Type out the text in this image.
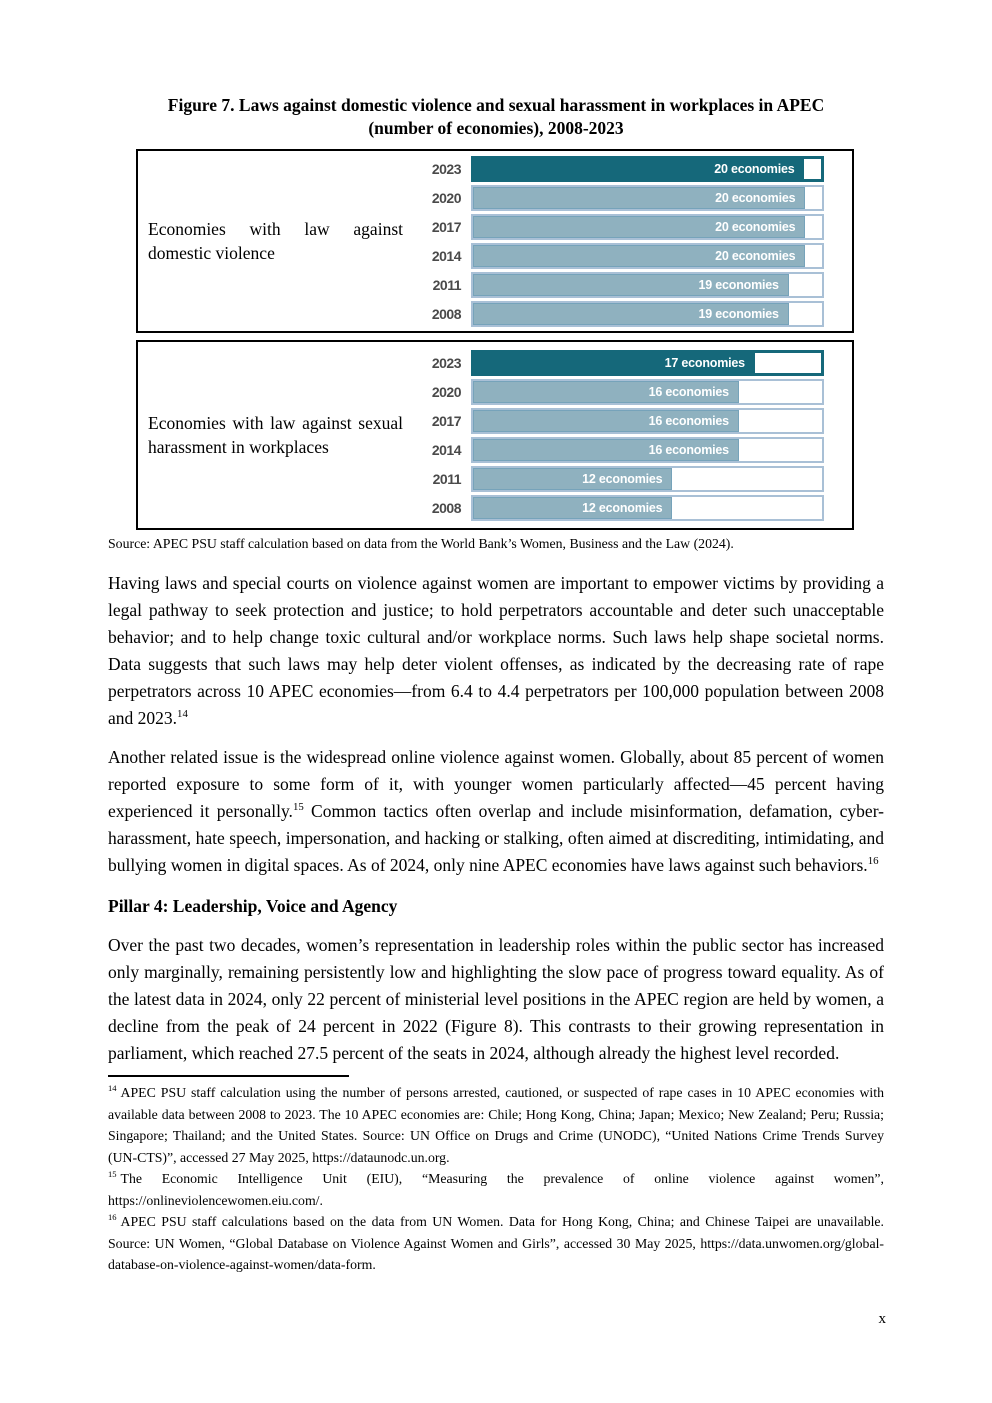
Figure 7. Laws against domestic violence and sexual harassment in workplaces in APEC
(number of economies), 2008-2023
Economies with law against domestic violence
2023	20 economies
2020	20 economies
2017	20 economies
2014	20 economies
2011	19 economies
2008	19 economies
Economies with law against sexual harassment in workplaces
2023	17 economies
2020	16 economies
2017	16 economies
2014	16 economies
2011	12 economies
2008	12 economies
Source: APEC PSU staff calculation based on data from the World Bank’s Women, Business and the Law (2024).

Having laws and special courts on violence against women are important to empower victims by providing a legal pathway to seek protection and justice; to hold perpetrators accountable and deter such unacceptable behavior; and to help change toxic cultural and/or workplace norms. Such laws help shape societal norms. Data suggests that such laws may help deter violent offenses, as indicated by the decreasing rate of rape perpetrators across 10 APEC economies—from 6.4 to 4.4 perpetrators per 100,000 population between 2008 and 2023.14

Another related issue is the widespread online violence against women. Globally, about 85 percent of women reported exposure to some form of it, with younger women particularly affected—45 percent having experienced it personally.$^{15}$ Common tactics often overlap and include misinformation, defamation, cyber-harassment, hate speech, impersonation, and hacking or stalking, often aimed at discrediting, intimidating, and bullying women in digital spaces. As of 2024, only nine APEC economies have laws against such behaviors.$^{16}$

Pillar 4: Leadership, Voice and Agency

Over the past two decades, women’s representation in leadership roles within the public sector has increased only marginally, remaining persistently low and highlighting the slow pace of progress toward equality. As of the latest data in 2024, only 22 percent of ministerial level positions in the APEC region are held by women, a decline from the peak of 24 percent in 2022 (Figure 8). This contrasts to their growing representation in parliament, which reached 27.5 percent of the seats in 2024, although already the highest level recorded.

$^{14}$ APEC PSU staff calculation using the number of persons arrested, cautioned, or suspected of rape cases in 10 APEC economies with available data between 2008 to 2023. The 10 APEC economies are: Chile; Hong Kong, China; Japan; Mexico; New Zealand; Peru; Russia; Singapore; Thailand; and the United States. Source: UN Office on Drugs and Crime (UNODC), “United Nations Crime Trends Survey (UN-CTS)”, accessed 27 May 2025, https://dataunodc.un.org.
$^{15}$ The Economic Intelligence Unit (EIU), “Measuring the prevalence of online violence against women”, https://onlineviolencewomen.eiu.com/.
$^{16}$ APEC PSU staff calculations based on the data from UN Women. Data for Hong Kong, China; and Chinese Taipei are unavailable. Source: UN Women, “Global Database on Violence Against Women and Girls”, accessed 30 May 2025, https://data.unwomen.org/global-database-on-violence-against-women/data-form.
x
